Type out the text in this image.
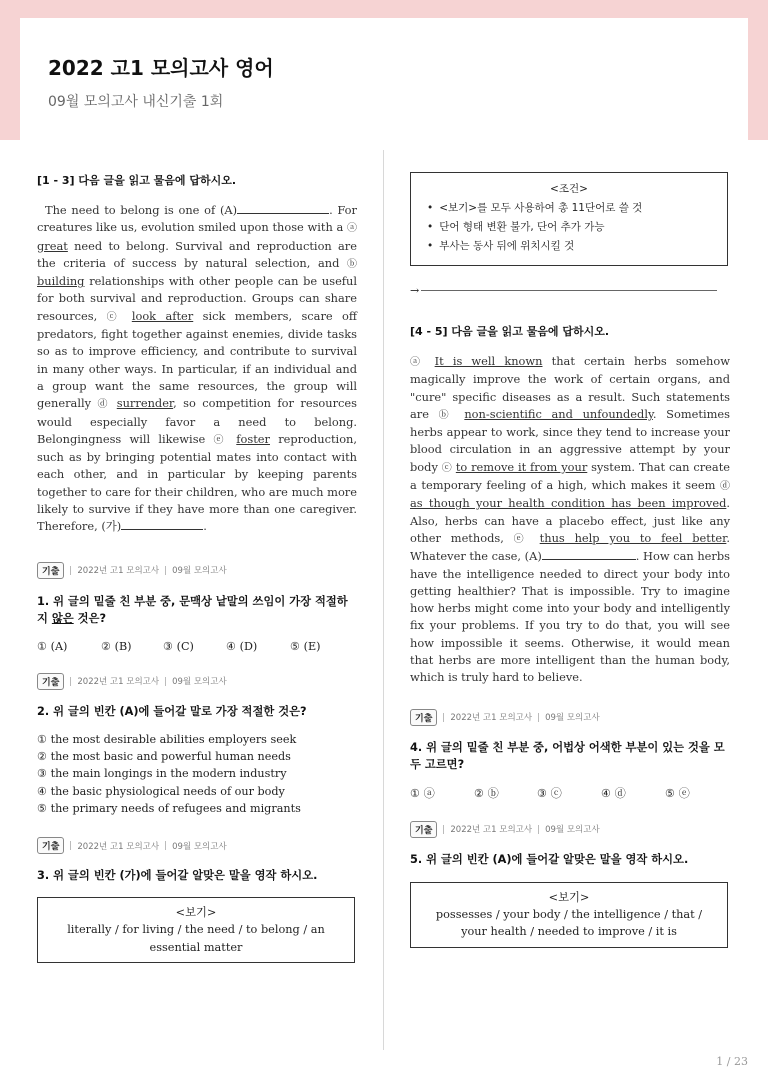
2022 고1 모의고사 영어
09월 모의고사 내신기출 1회
[1 - 3] 다음 글을 읽고 물음에 답하시오.
The need to belong is one of (A)	. For creatures like us, evolution smiled upon those with a ⓐ great need to belong. Survival and reproduction are the criteria of success by natural selection, and ⓑ building relationships with other people can be useful for both survival and reproduction. Groups can share resources, ⓒ look after sick members, scare off predators, fight together against enemies, divide tasks so as to improve efficiency, and contribute to survival in many other ways. In particular, if an individual and a group want the same resources, the group will generally ⓓ surrender, so competition for resources would especially favor a need to belong. Belongingness will likewise ⓔ foster reproduction, such as by bringing potential mates into contact with each other, and in particular by keeping parents together to care for their children, who are much more likely to survive if they have more than one caregiver. Therefore, (가)	.
기출	2022년 고1 모의고사 09월 모의고사
1. 위 글의 밑줄 친 부분 중, 문맥상 낱말의 쓰임이 가장 적절하지 않은 것은?
① (A)	② (B)	③ (C)	④ (D)	⑤ (E)
기출	2022년 고1 모의고사 09월 모의고사
2. 위 글의 빈칸 (A)에 들어갈 말로 가장 적절한 것은?
① the most desirable abilities employers seek
② the most basic and powerful human needs
③ the main longings in the modern industry
④ the basic physiological needs of our body
⑤ the primary needs of refugees and migrants
기출	2022년 고1 모의고사 09월 모의고사
3. 위 글의 빈칸 (가)에 들어갈 알맞은 말을 영작 하시오.
<보기>
literally / for living / the need / to belong / an essential matter
<조건>
• <보기>를 모두 사용하여 총 11단어로 쓸 것
• 단어 형태 변환 불가, 단어 추가 가능
• 부사는 동사 뒤에 위치시킬 것
→
[4 - 5] 다음 글을 읽고 물음에 답하시오.
ⓐ It is well known that certain herbs somehow magically improve the work of certain organs, and "cure" specific diseases as a result. Such statements are ⓑ non-scientific and unfoundedly. Sometimes herbs appear to work, since they tend to increase your blood circulation in an aggressive attempt by your body ⓒ to remove it from your system. That can create a temporary feeling of a high, which makes it seem ⓓ as though your health condition has been improved. Also, herbs can have a placebo effect, just like any other methods, ⓔ thus help you to feel better. Whatever the case, (A)	. How can herbs have the intelligence needed to direct your body into getting healthier? That is impossible. Try to imagine how herbs might come into your body and intelligently fix your problems. If you try to do that, you will see how impossible it seems. Otherwise, it would mean that herbs are more intelligent than the human body, which is truly hard to believe.
기출	2022년 고1 모의고사 09월 모의고사
4. 위 글의 밑줄 친 부분 중, 어법상 어색한 부분이 있는 것을 모두 고르면?
① ⓐ	② ⓑ	③ ⓒ	④ ⓓ	⑤ ⓔ
기출	2022년 고1 모의고사 09월 모의고사
5. 위 글의 빈칸 (A)에 들어갈 알맞은 말을 영작 하시오.
<보기>
possesses / your body / the intelligence / that / your health / needed to improve / it is
1 / 23
